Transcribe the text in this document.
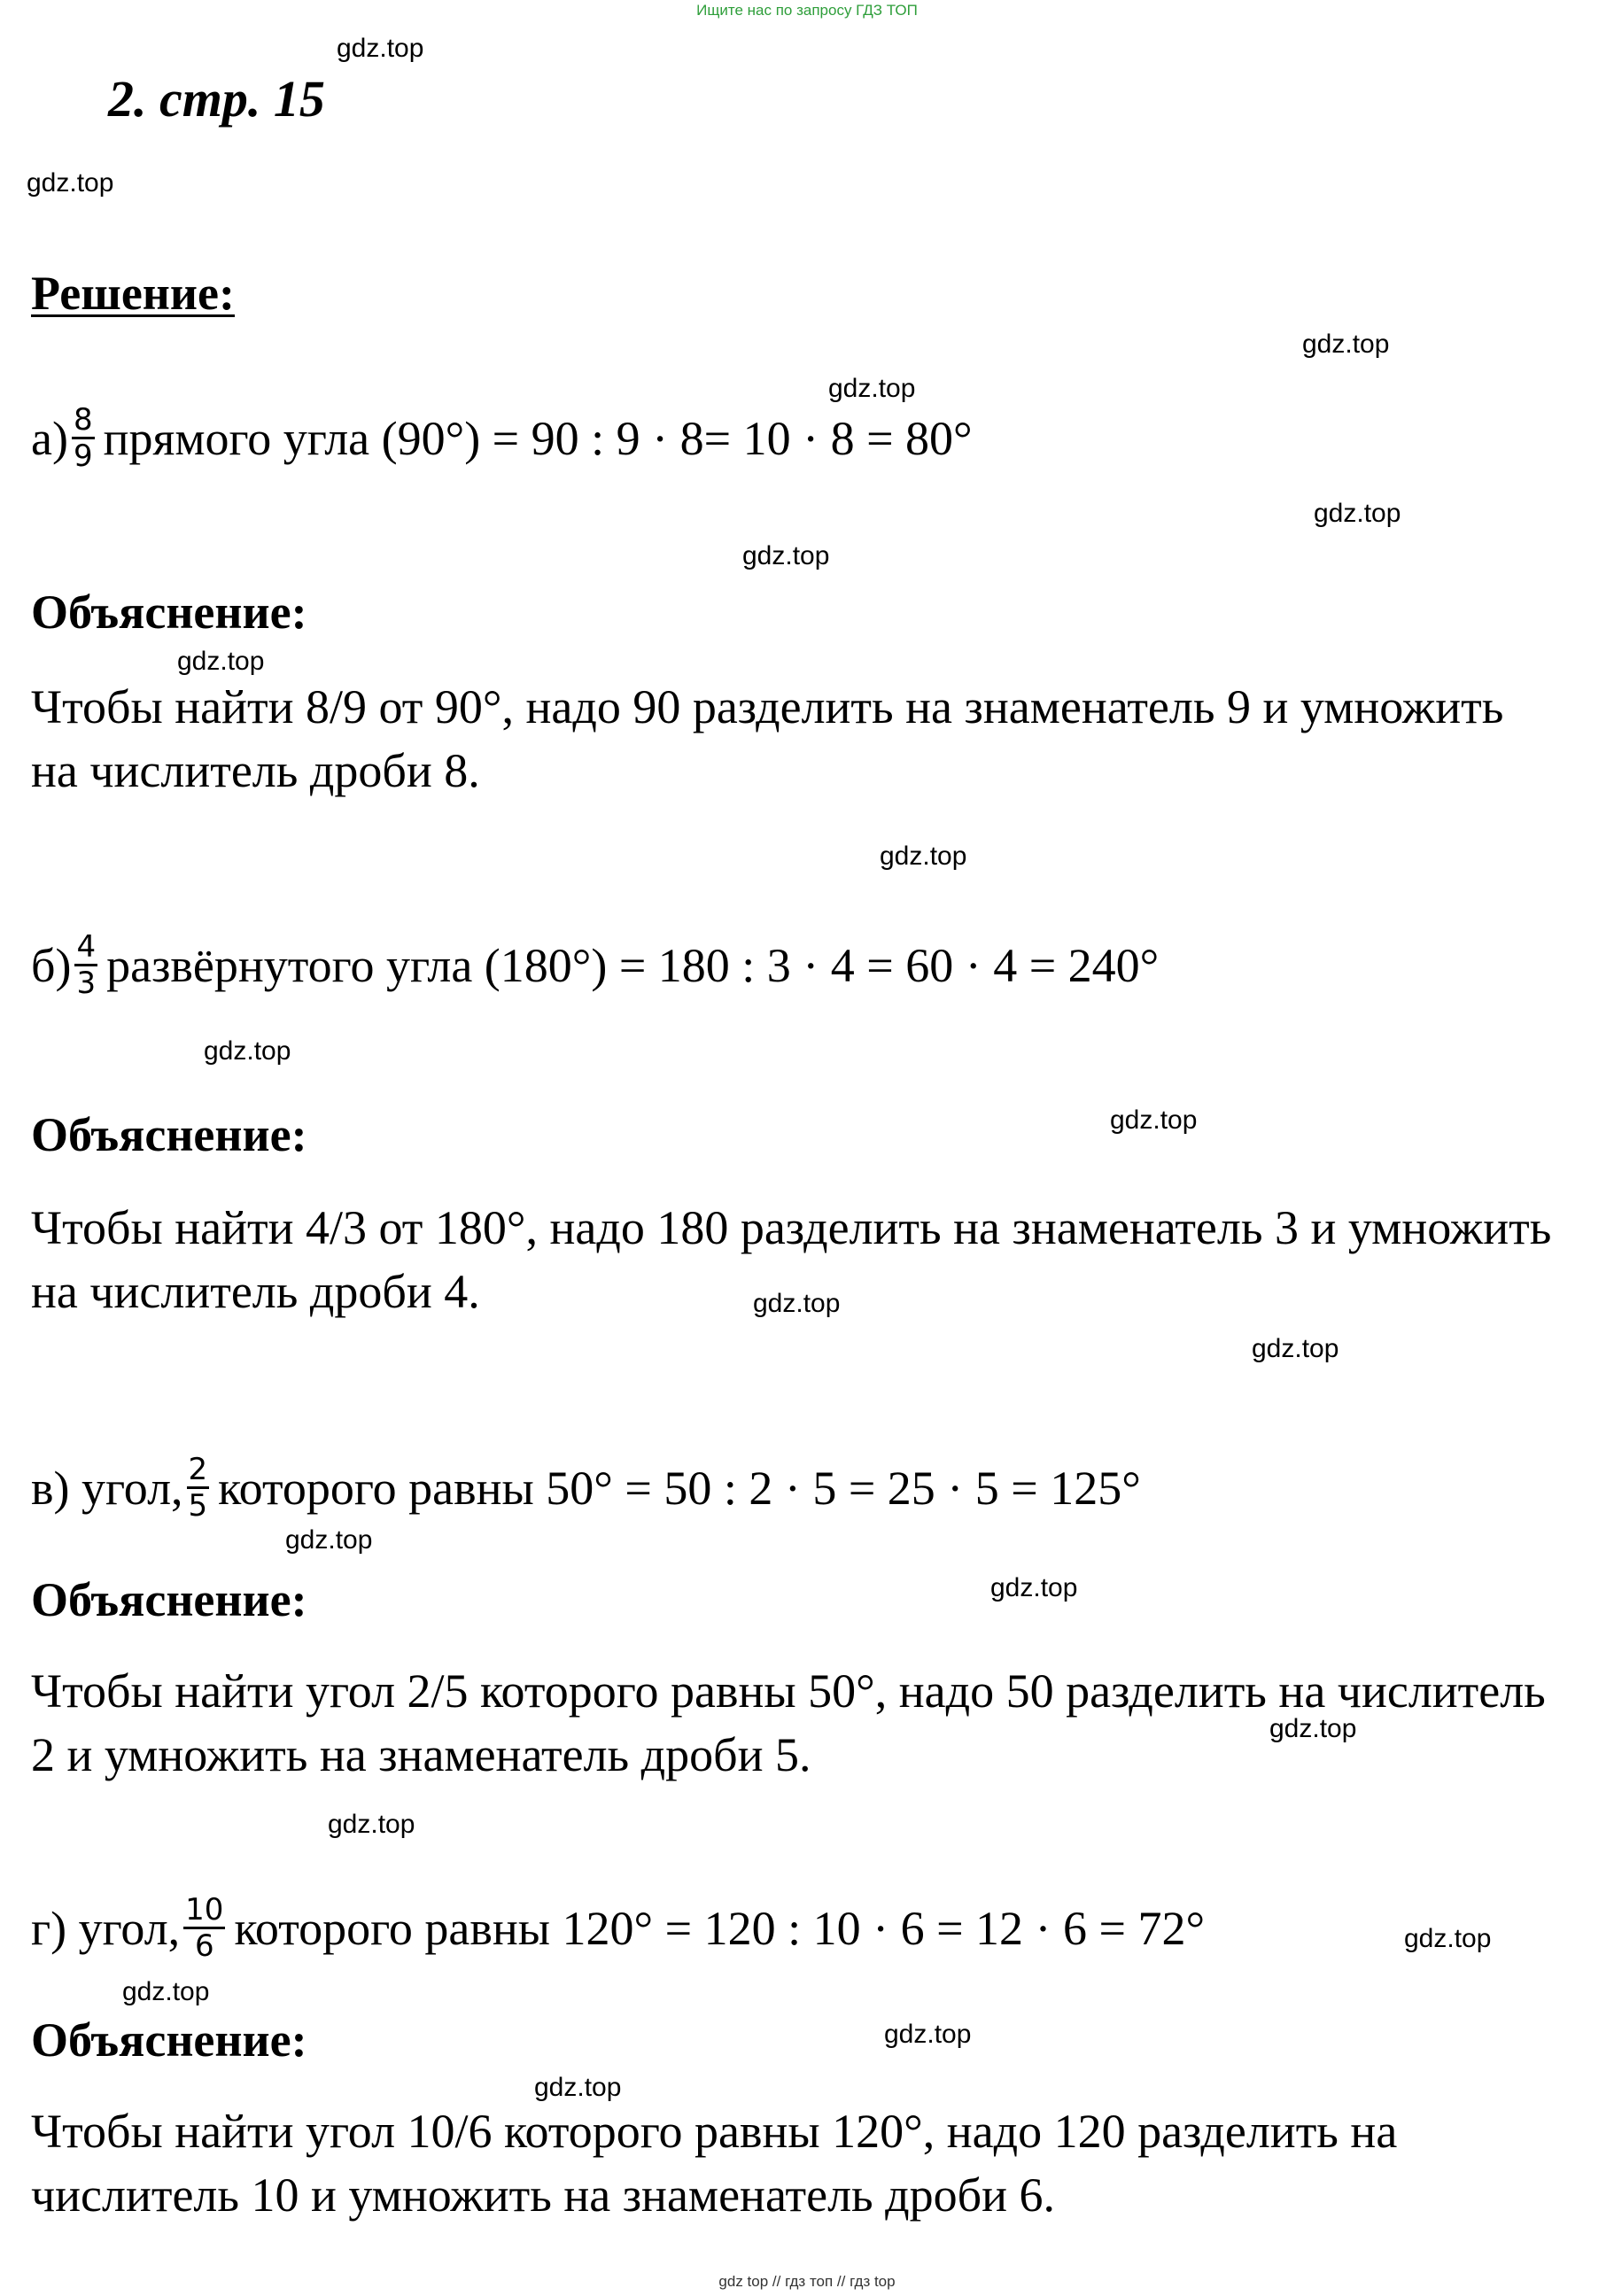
Ищите нас по запросу ГДЗ ТОП
2. стр. 15
Решение:
$а) \frac{8}{9}$ прямого угла (90°) = 90 : 9 · 8= 10 · 8 = 80°
Объяснение:
Чтобы найти 8/9 от 90°, надо 90 разделить на знаменатель 9 и умножить на числитель дроби 8.
$б) \frac{4}{3}$ развёрнутого угла (180°) = 180 : 3 · 4 = 60 · 4 = 240°
Объяснение:
Чтобы найти 4/3 от 180°, надо 180 разделить на знаменатель 3 и умножить на числитель дроби 4.
в) угол, $\frac{2}{5}$ которого равны 50° = 50 : 2 · 5 = 25 · 5 = 125°
Объяснение:
Чтобы найти угол 2/5 которого равны 50°, надо 50 разделить на числитель 2 и умножить на знаменатель дроби 5.
г) угол, $\frac{10}{6}$ которого равны 120° = 120 : 10 · 6 = 12 · 6 = 72°
Объяснение:
Чтобы найти угол 10/6 которого равны 120°, надо 120 разделить на числитель 10 и умножить на знаменатель дроби 6.
gdz.top
gdz.top
gdz.top
gdz.top
gdz.top
gdz.top
gdz.top
gdz.top
gdz.top
gdz.top
gdz.top
gdz.top
gdz.top
gdz.top
gdz.top
gdz.top
gdz.top
gdz.top
gdz.top
gdz.top
gdz top // гдз топ // гдз top
